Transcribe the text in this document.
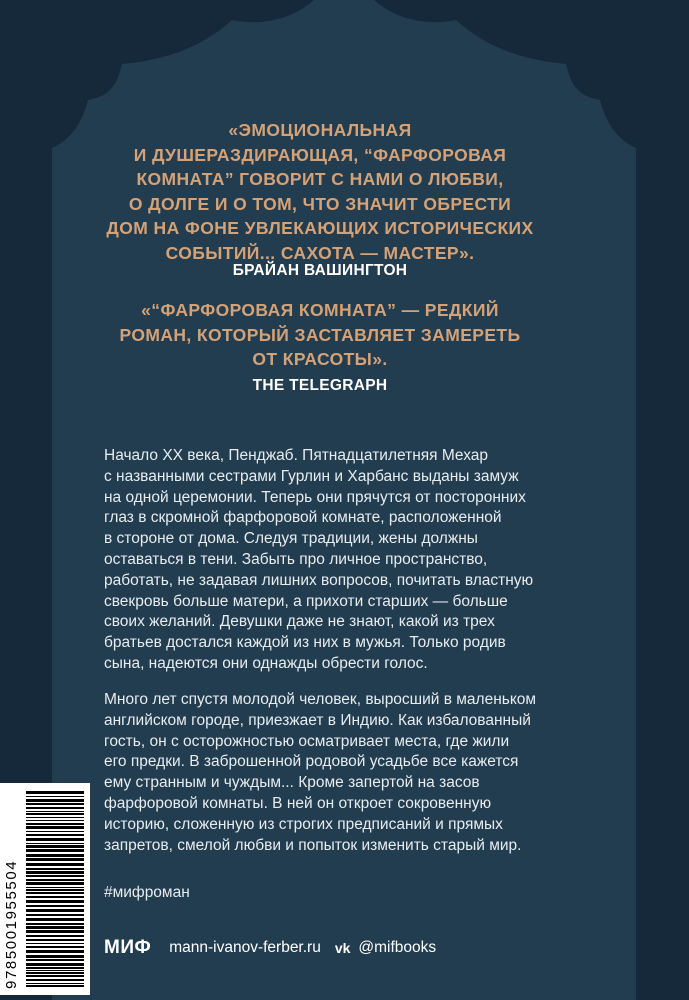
«ЭМОЦИОНАЛЬНАЯ
И ДУШЕРАЗДИРАЮЩАЯ, “ФАРФОРОВАЯ
КОМНАТА” ГОВОРИТ С НАМИ О ЛЮБВИ,
О ДОЛГЕ И О ТОМ, ЧТО ЗНАЧИТ ОБРЕСТИ
ДОМ НА ФОНЕ УВЛЕКАЮЩИХ ИСТОРИЧЕСКИХ
СОБЫТИЙ... САХОТА — МАСТЕР».
БРАЙАН ВАШИНГТОН
«“ФАРФОРОВАЯ КОМНАТА” — РЕДКИЙ
РОМАН, КОТОРЫЙ ЗАСТАВЛЯЕТ ЗАМЕРЕТЬ
ОТ КРАСОТЫ».
THE TELEGRAPH
Начало XX века, Пенджаб. Пятнадцатилетняя Мехар
с названными сестрами Гурлин и Харбанс выданы замуж
на одной церемонии. Теперь они прячутся от посторонних
глаз в скромной фарфоровой комнате, расположенной
в стороне от дома. Следуя традиции, жены должны
оставаться в тени. Забыть про личное пространство,
работать, не задавая лишних вопросов, почитать властную
свекровь больше матери, а прихоти старших — больше
своих желаний. Девушки даже не знают, какой из трех
братьев достался каждой из них в мужья. Только родив
сына, надеются они однажды обрести голос.
Много лет спустя молодой человек, выросший в маленьком
английском городе, приезжает в Индию. Как избалованный
гость, он с осторожностью осматривает места, где жили
его предки. В заброшенной родовой усадьбе все кажется
ему странным и чуждым... Кроме запертой на засов
фарфоровой комнаты. В ней он откроет сокровенную
историю, сложенную из строгих предписаний и прямых
запретов, смелой любви и попыток изменить старый мир.
#мифроман
МИФ mann-ivanov-ferber.ru vk @mifbooks
9785001955504
